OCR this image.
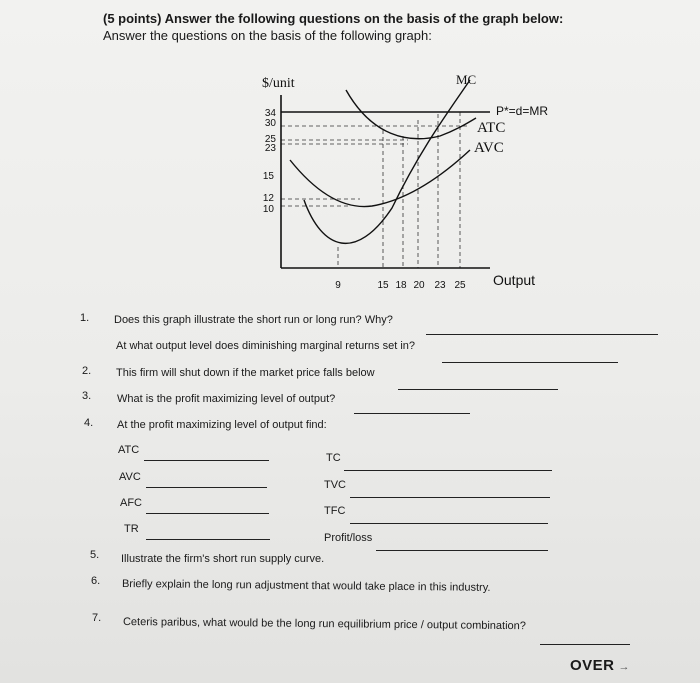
(5 points) Answer the following questions on the basis of the graph below:
Answer the questions on the basis of the following graph:
34
30
25
23
15
12
10
9	15 18 20 23 25
$/unit
Output
MC
P*=d=MR
ATC
AVC
1. Does this graph illustrate the short run or long run? Why?
At what output level does diminishing marginal returns set in?
2. This firm will shut down if the market price falls below
3. What is the profit maximizing level of output?
4. At the profit maximizing level of output find:
ATC
TC
AVC
TVC
AFC
TFC
TR
Profit/loss
5. Illustrate the firm's short run supply curve.
6. Briefly explain the long run adjustment that would take place in this industry.
7. Ceteris paribus, what would be the long run equilibrium price / output combination?
OVER →
